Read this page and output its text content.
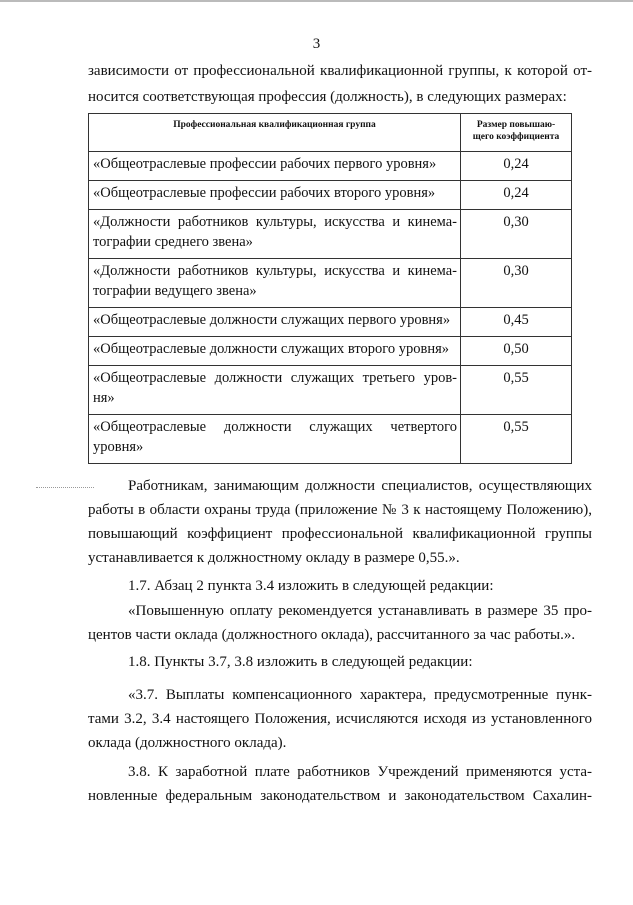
3
зависимости от профессиональной квалификационной группы, к которой от-
носится соответствующая профессия (должность), в следующих размерах:
Профессиональная квалификационная группа	Размер повышаю-
щего коэффициента

«Общеотраслевые профессии рабочих первого уровня»	0,24

«Общеотраслевые профессии рабочих второго уровня»	0,24

«Должности работников культуры, искусства и кинема-
тографии среднего звена»	0,30

«Должности работников культуры, искусства и кинема-
тографии ведущего звена»	0,30

«Общеотраслевые должности служащих первого уровня»	0,45

«Общеотраслевые должности служащих второго уровня»	0,50

«Общеотраслевые должности служащих третьего уров-
ня»	0,55

«Общеотраслевые должности служащих четвертого
уровня»	0,55
Работникам, занимающим должности специалистов, осуществляющих
работы в области охраны труда (приложение № 3 к настоящему Положению),
повышающий коэффициент профессиональной квалификационной группы
устанавливается к должностному окладу в размере 0,55.».
1.7. Абзац 2 пункта 3.4 изложить в следующей редакции:
«Повышенную оплату рекомендуется устанавливать в размере 35 про-
центов части оклада (должностного оклада), рассчитанного за час работы.».
1.8. Пункты 3.7, 3.8 изложить в следующей редакции:
«3.7. Выплаты компенсационного характера, предусмотренные пунк-
тами 3.2, 3.4 настоящего Положения, исчисляются исходя из установленного
оклада (должностного оклада).
3.8. К заработной плате работников Учреждений применяются уста-
новленные федеральным законодательством и законодательством Сахалин-
